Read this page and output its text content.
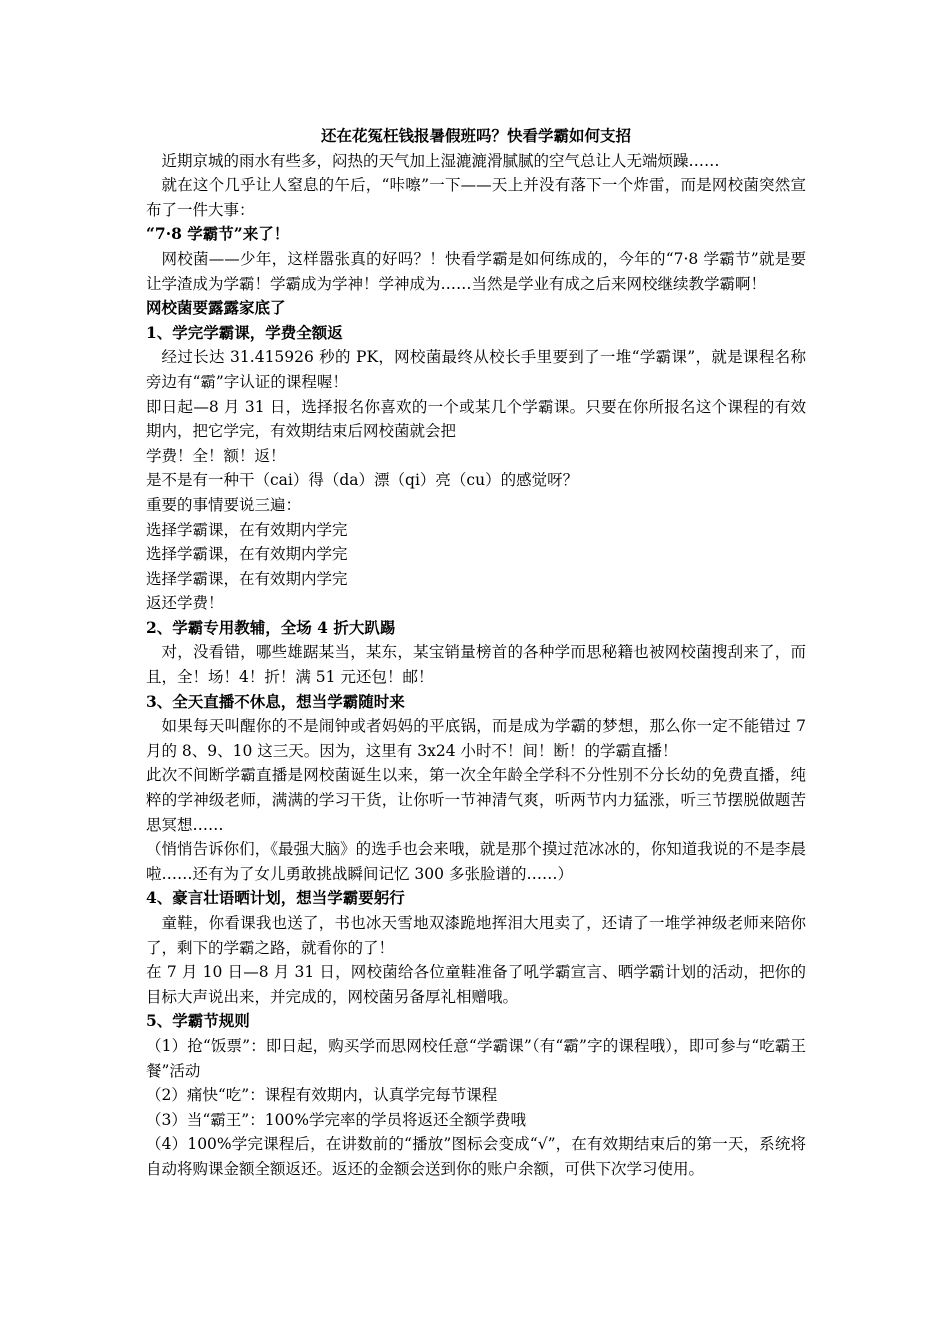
还在花冤枉钱报暑假班吗？快看学霸如何支招

近期京城的雨水有些多，闷热的天气加上湿漉漉滑腻腻的空气总让人无端烦躁……

就在这个几乎让人窒息的午后，“咔嚓”一下——天上并没有落下一个炸雷，而是网校菌突然宣布了一件大事：

“7·8 学霸节”来了！

网校菌——少年，这样嚣张真的好吗？！快看学霸是如何练成的，今年的“7·8 学霸节”就是要让学渣成为学霸！学霸成为学神！学神成为……当然是学业有成之后来网校继续教学霸啊！

网校菌要露露家底了

1、学完学霸课，学费全额返

经过长达 31.415926 秒的 PK，网校菌最终从校长手里要到了一堆“学霸课”，就是课程名称旁边有“霸”字认证的课程喔！

即日起—8 月 31 日，选择报名你喜欢的一个或某几个学霸课。只要在你所报名这个课程的有效期内，把它学完，有效期结束后网校菌就会把

学费！全！额！返！

是不是有一种干（cai）得（da）漂（qi）亮（cu）的感觉呀？

重要的事情要说三遍：

选择学霸课，在有效期内学完

选择学霸课，在有效期内学完

选择学霸课，在有效期内学完

返还学费！

2、学霸专用教辅，全场 4 折大趴踢

对，没看错，哪些雄踞某当，某东，某宝销量榜首的各种学而思秘籍也被网校菌搜刮来了，而且，全！场！4！折！满 51 元还包！邮！

3、全天直播不休息，想当学霸随时来

如果每天叫醒你的不是闹钟或者妈妈的平底锅，而是成为学霸的梦想，那么你一定不能错过 7 月的 8、9、10 这三天。因为，这里有 3x24 小时不！间！断！的学霸直播！

此次不间断学霸直播是网校菌诞生以来，第一次全年龄全学科不分性别不分长幼的免费直播，纯粹的学神级老师，满满的学习干货，让你听一节神清气爽，听两节内力猛涨，听三节摆脱做题苦思冥想……

（悄悄告诉你们，《最强大脑》的选手也会来哦，就是那个摸过范冰冰的，你知道我说的不是李晨啦……还有为了女儿勇敢挑战瞬间记忆 300 多张脸谱的……）

4、豪言壮语晒计划，想当学霸要躬行

童鞋，你看课我也送了，书也冰天雪地双漆跪地挥泪大甩卖了，还请了一堆学神级老师来陪你了，剩下的学霸之路，就看你的了！

在 7 月 10 日—8 月 31 日，网校菌给各位童鞋准备了吼学霸宣言、晒学霸计划的活动，把你的目标大声说出来，并完成的，网校菌另备厚礼相赠哦。

5、学霸节规则

（1）抢“饭票”：即日起，购买学而思网校任意“学霸课”（有“霸”字的课程哦），即可参与“吃霸王餐”活动

（2）痛快“吃”：课程有效期内，认真学完每节课程

（3）当“霸王”：100%学完率的学员将返还全额学费哦

（4）100%学完课程后，在讲数前的“播放”图标会变成“√”，在有效期结束后的第一天，系统将自动将购课金额全额返还。返还的金额会送到你的账户余额，可供下次学习使用。
